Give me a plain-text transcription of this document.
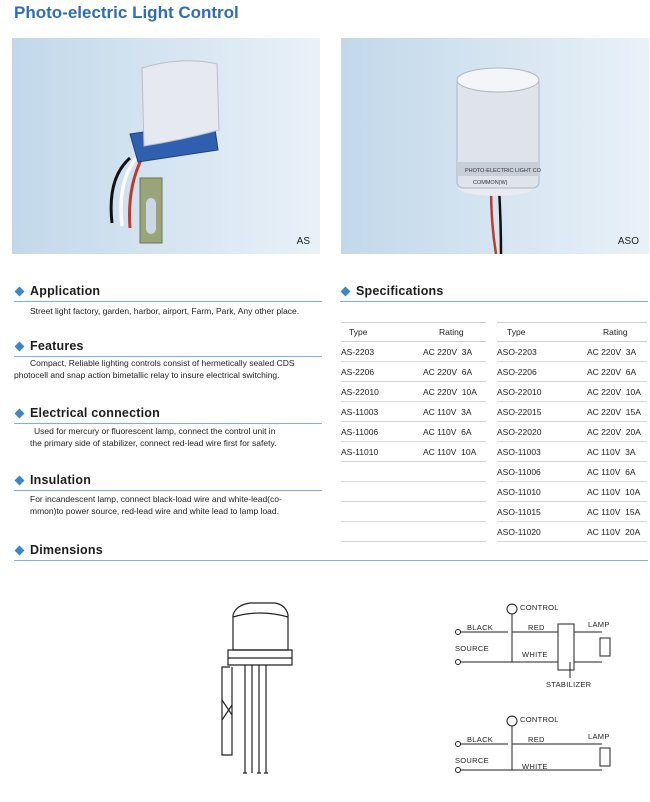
Photo-electric Light Control
AS
PHOTO-ELECTRIC LIGHT CO
COMMON(W)
ASO
Application
Street light factory, garden, harbor, airport, Farm, Park, Any other place.
Features
Compact, Reliable lighting controls consist of hermetically sealed CDS
photocell and snap action bimetallic relay to insure electrical switching.
Electrical connection
Used for mercury or fluorescent lamp, connect the control unit in
the primary side of stabilizer, connect red-lead wire first for safety.
Insulation
For incandescent lamp, connect black-load wire and white-lead(co-
mmon)to power source, red-lead wire and white lead to lamp load.
Specifications
Type	Rating
AS-2203	AC 220V  3A
AS-2206	AC 220V  6A
AS-22010	AC 220V  10A
AS-11003	AC 110V  3A
AS-11006	AC 110V  6A
AS-11010	AC 110V  10A

Type	Rating
ASO-2203	AC 220V  3A
ASO-2206	AC 220V  6A
ASO-22010	AC 220V  10A
ASO-22015	AC 220V  15A
ASO-22020	AC 220V  20A
ASO-11003	AC 110V  3A
ASO-11006	AC 110V  6A
ASO-11010	AC 110V  10A
ASO-11015	AC 110V  15A
ASO-11020	AC 110V  20A
Dimensions
CONTROL
BLACK	RED	LAMP
SOURCE
WHITE
STABILIZER
CONTROL
BLACK	RED	LAMP
SOURCE
WHITE
